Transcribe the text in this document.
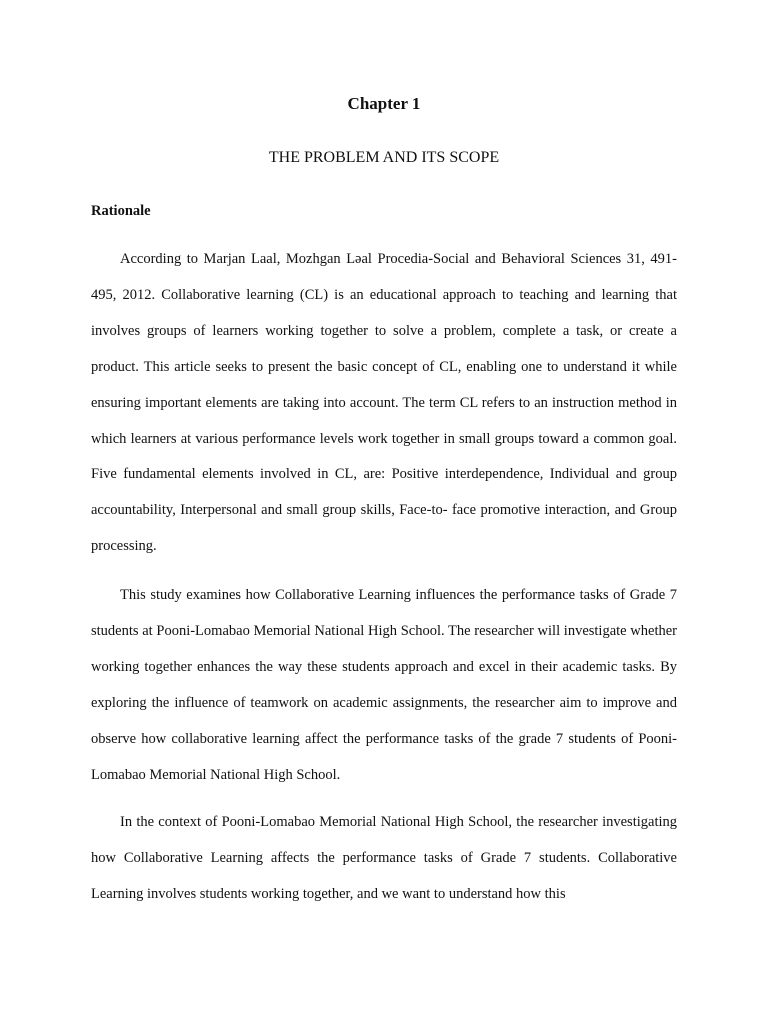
Chapter 1
THE PROBLEM AND ITS SCOPE
Rationale

According to Marjan Laal, Mozhgan Ləal Procedia-Social and Behavioral Sciences 31, 491-495, 2012. Collaborative learning (CL) is an educational approach to teaching and learning that involves groups of learners working together to solve a problem, complete a task, or create a product. This article seeks to present the basic concept of CL, enabling one to understand it while ensuring important elements are taking into account. The term CL refers to an instruction method in which learners at various performance levels work together in small groups toward a common goal. Five fundamental elements involved in CL, are: Positive interdependence, Individual and group accountability, Interpersonal and small group skills, Face-to- face promotive interaction, and Group processing.

This study examines how Collaborative Learning influences the performance tasks of Grade 7 students at Pooni-Lomabao Memorial National High School. The researcher will investigate whether working together enhances the way these students approach and excel in their academic tasks. By exploring the influence of teamwork on academic assignments, the researcher aim to improve and observe how collaborative learning affect the performance tasks of the grade 7 students of Pooni-Lomabao Memorial National High School.

In the context of Pooni-Lomabao Memorial National High School, the researcher investigating how Collaborative Learning affects the performance tasks of Grade 7 students. Collaborative Learning involves students working together, and we want to understand how this
